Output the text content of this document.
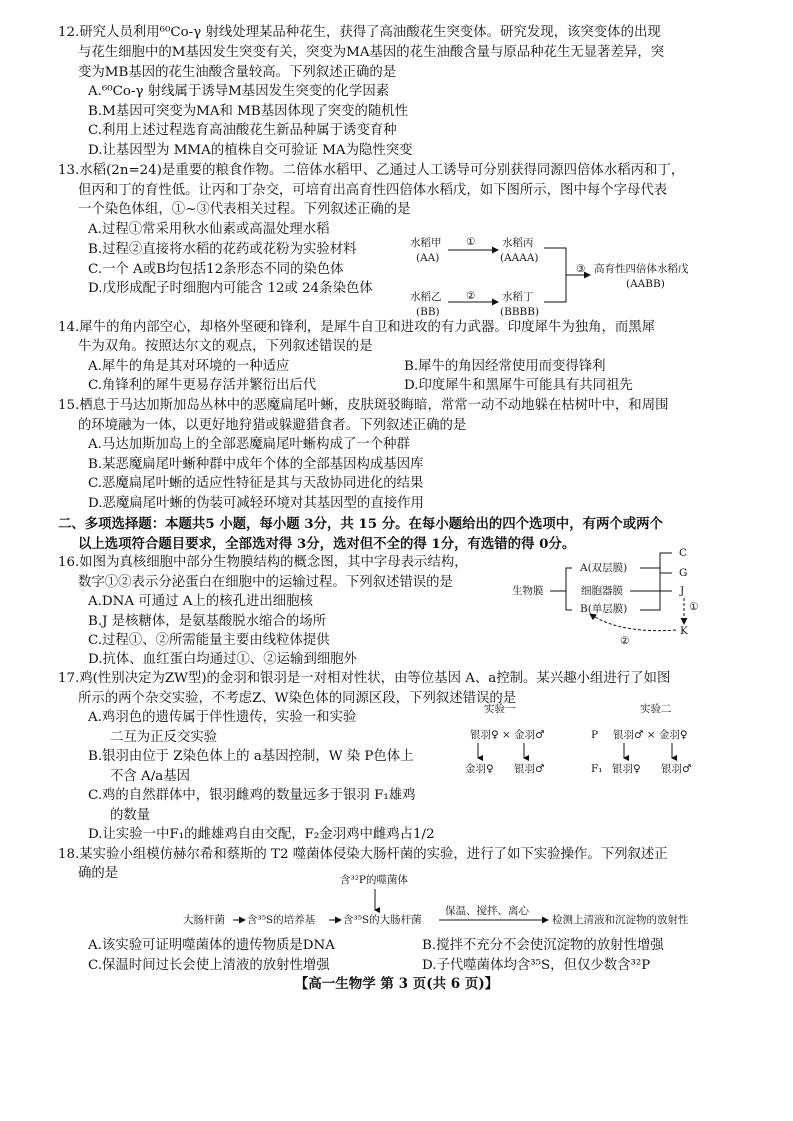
12.研究人员利用⁶⁰Co-γ 射线处理某品种花生，获得了高油酸花生突变体。研究发现，该突变体的出现
与花生细胞中的M基因发生突变有关，突变为MA基因的花生油酸含量与原品种花生无显著差异，突
变为MB基因的花生油酸含量较高。下列叙述正确的是
A.⁶⁰Co-γ 射线属于诱导M基因发生突变的化学因素
B.M基因可突变为MA和 MB基因体现了突变的随机性
C.利用上述过程选育高油酸花生新品种属于诱变育种
D.让基因型为 MMA的植株自交可验证 MA为隐性突变
13.水稻(2n=24)是重要的粮食作物。二倍体水稻甲、乙通过人工诱导可分别获得同源四倍体水稻丙和丁，
但丙和丁的育性低。让丙和丁杂交，可培育出高育性四倍体水稻戊，如下图所示，图中每个字母代表
一个染色体组，①~③代表相关过程。下列叙述正确的是
A.过程①常采用秋水仙素或高温处理水稻
B.过程②直接将水稻的花药或花粉为实验材料
C.一个 A或B均包括12条形态不同的染色体
D.戊形成配子时细胞内可能含 12或 24条染色体
水稻甲
(AA)
①	水稻丙
(AAAA)
水稻乙
(BB)
②	水稻丁
(BBBB)
③ 高育性四倍体水稻戊
(AABB)
14.犀牛的角内部空心，却格外坚硬和锋利，是犀牛自卫和进攻的有力武器。印度犀牛为独角，而黑犀
牛为双角。按照达尔文的观点，下列叙述错误的是
A.犀牛的角是其对环境的一种适应	B.犀牛的角因经常使用而变得锋利
C.角锋利的犀牛更易存活并繁衍出后代	D.印度犀牛和黑犀牛可能具有共同祖先
15.栖息于马达加斯加岛丛林中的恶魔扁尾叶蜥，皮肤斑驳晦暗，常常一动不动地躲在枯树叶中，和周围
的环境融为一体，以更好地狩猎或躲避猎食者。下列叙述正确的是
A.马达加斯加岛上的全部恶魔扁尾叶蜥构成了一个种群
B.某恶魔扁尾叶蜥种群中成年个体的全部基因构成基因库
C.恶魔扁尾叶蜥的适应性特征是其与天敌协同进化的结果
D.恶魔扁尾叶蜥的伪装可减轻环境对其基因型的直接作用
二、多项选择题：本题共5 小题，每小题 3分，共 15 分。在每小题给出的四个选项中，有两个或两个
以上选项符合题目要求，全部选对得 3分，选对但不全的得 1分，有选错的得 0分。
16.如图为真核细胞中部分生物膜结构的概念图，其中字母表示结构，
数字①②表示分泌蛋白在细胞中的运输过程。下列叙述错误的是
A.DNA 可通过 A上的核孔进出细胞核
B.J 是核糖体，是氨基酸脱水缩合的场所
C.过程①、②所需能量主要由线粒体提供
D.抗体、血红蛋白均通过①、②运输到细胞外
生物膜
A(双层膜)
细胞器膜
B(单层膜)
C
G
J
①
K
②
17.鸡(性别决定为ZW型)的金羽和银羽是一对相对性状，由等位基因 A、a控制。某兴趣小组进行了如图
所示的两个杂交实验，不考虑Z、W染色体的同源区段，下列叙述错误的是
A.鸡羽色的遗传属于伴性遗传，实验一和实验
二互为正反交实验
B.银羽由位于 Z染色体上的 a基因控制，W 染 P色体上
不含 A/a基因
C.鸡的自然群体中，银羽雌鸡的数量远多于银羽 F₁雄鸡
的数量
D.让实验一中F₁的雌雄鸡自由交配，F₂金羽鸡中雌鸡占1/2
实验一	实验二
银羽♀ × 金羽♂
金羽♀ 银羽♂
P 银羽♂ × 金羽♀
F₁ 银羽♀ 银羽♂
18.某实验小组模仿赫尔希和蔡斯的 T2 噬菌体侵染大肠杆菌的实验，进行了如下实验操作。下列叙述正
确的是	含³²P的噬菌体
大肠杆菌 含³⁵S的培养基	含³⁵S的大肠杆菌
保温、搅拌、离心
检测上清液和沉淀物的放射性
A.该实验可证明噬菌体的遗传物质是DNA	B.搅拌不充分不会使沉淀物的放射性增强
C.保温时间过长会使上清液的放射性增强	D.子代噬菌体均含³⁵S，但仅少数含³²P
【高一生物学 第 3 页(共 6 页)】
